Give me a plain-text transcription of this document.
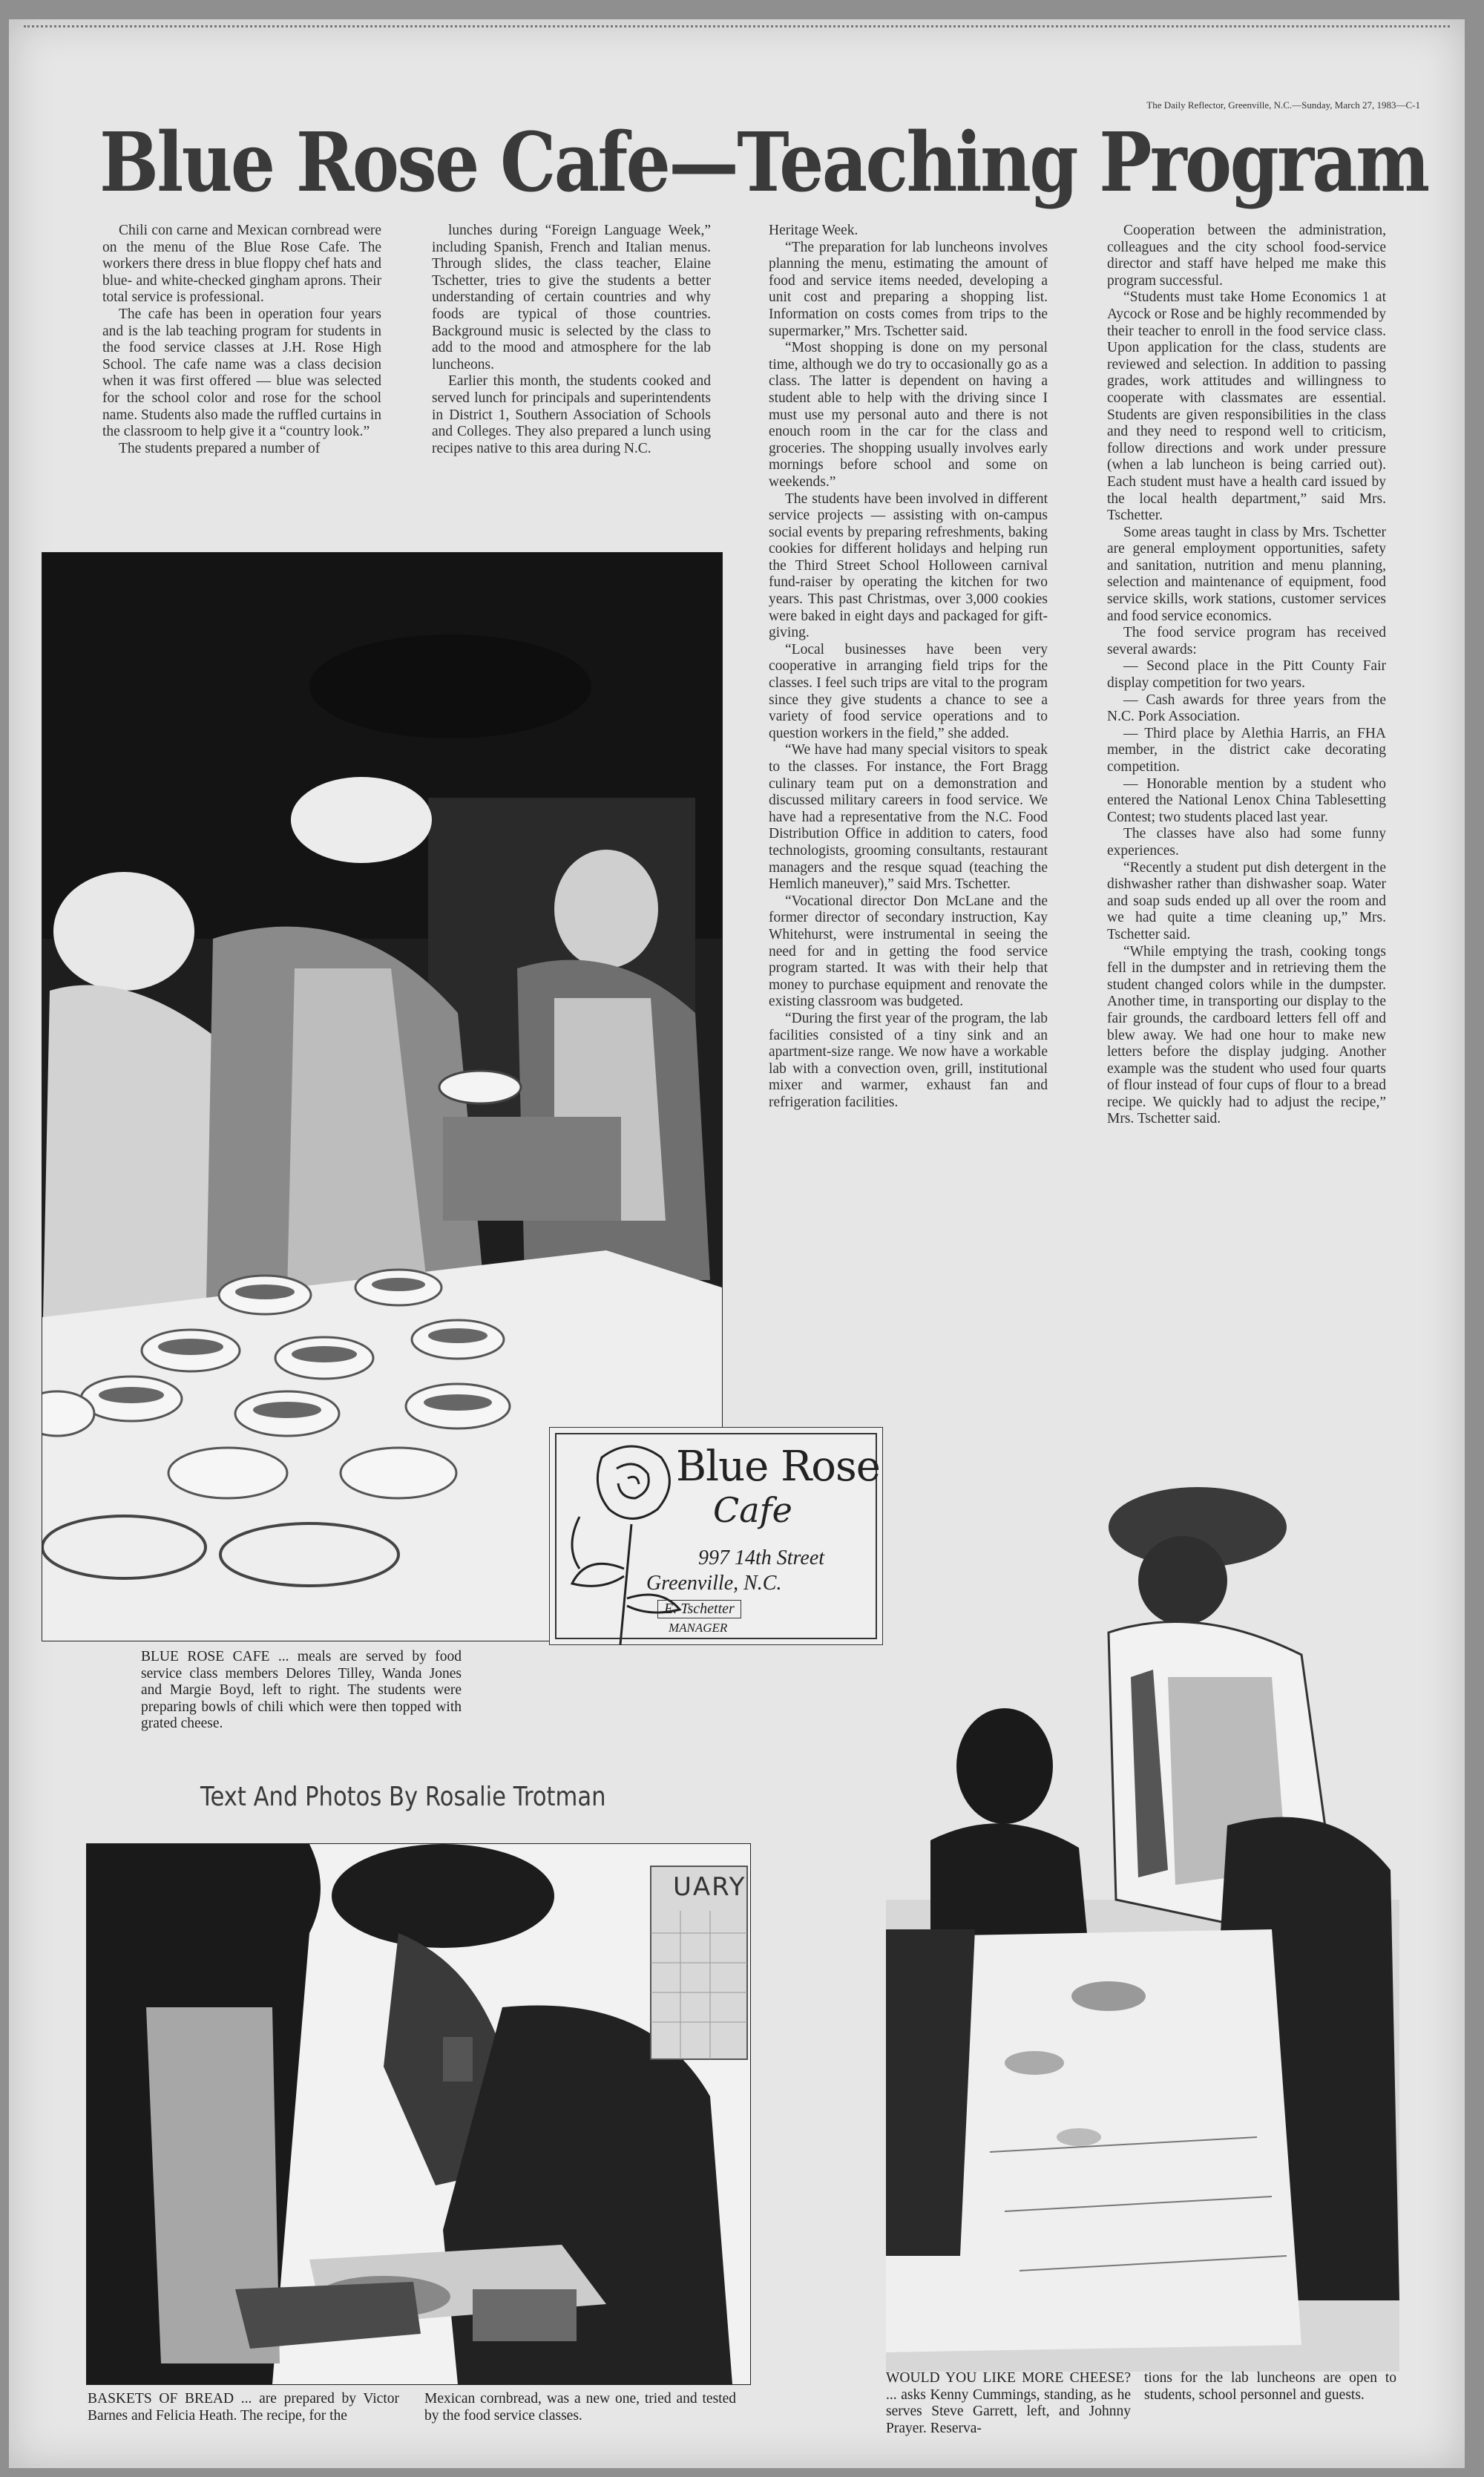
The Daily Reflector, Greenville, N.C.—Sunday, March 27, 1983—C-1
Blue Rose Cafe—Teaching Program

Chili con carne and Mexican cornbread were on the menu of the Blue Rose Cafe. The workers there dress in blue floppy chef hats and blue- and white-checked gingham aprons. Their total service is professional.

The cafe has been in operation four years and is the lab teaching program for students in the food service classes at J.H. Rose High School. The cafe name was a class decision when it was first offered — blue was selected for the school color and rose for the school name. Students also made the ruffled curtains in the classroom to help give it a “country look.”

The students prepared a number of

lunches during “Foreign Language Week,” including Spanish, French and Italian menus. Through slides, the class teacher, Elaine Tschetter, tries to give the students a better understanding of certain countries and why foods are typical of those countries. Background music is selected by the class to add to the mood and atmosphere for the lab luncheons.

Earlier this month, the students cooked and served lunch for principals and superintendents in District 1, Southern Association of Schools and Colleges. They also prepared a lunch using recipes native to this area during N.C.

Heritage Week.

“The preparation for lab luncheons involves planning the menu, estimating the amount of food and service items needed, developing a unit cost and preparing a shopping list. Information on costs comes from trips to the supermarker,” Mrs. Tschetter said.

“Most shopping is done on my personal time, although we do try to occasionally go as a class. The latter is dependent on having a student able to help with the driving since I must use my personal auto and there is not enouch room in the car for the class and groceries. The shopping usually involves early mornings before school and some on weekends.”

The students have been involved in different service projects — assisting with on-campus social events by preparing refreshments, baking cookies for different holidays and helping run the Third Street School Holloween carnival fund-raiser by operating the kitchen for two years. This past Christmas, over 3,000 cookies were baked in eight days and packaged for gift-giving.

“Local businesses have been very cooperative in arranging field trips for the classes. I feel such trips are vital to the program since they give students a chance to see a variety of food service operations and to question workers in the field,” she added.

“We have had many special visitors to speak to the classes. For instance, the Fort Bragg culinary team put on a demonstration and discussed military careers in food service. We have had a representative from the N.C. Food Distribution Office in addition to caters, food technologists, grooming consultants, restaurant managers and the resque squad (teaching the Hemlich maneuver),” said Mrs. Tschetter.

“Vocational director Don McLane and the former director of secondary instruction, Kay Whitehurst, were instrumental in seeing the need for and in getting the food service program started. It was with their help that money to purchase equipment and renovate the existing classroom was budgeted.

“During the first year of the program, the lab facilities consisted of a tiny sink and an apartment-size range. We now have a workable lab with a convection oven, grill, institutional mixer and warmer, exhaust fan and refrigeration facilities.

Cooperation between the administration, colleagues and the city school food-service director and staff have helped me make this program successful.

“Students must take Home Economics 1 at Aycock or Rose and be highly recommended by their teacher to enroll in the food service class. Upon application for the class, students are reviewed and selection. In addition to passing grades, work attitudes and willingness to cooperate with classmates are essential. Students are given responsibilities in the class and they need to respond well to criticism, follow directions and work under pressure (when a lab luncheon is being carried out). Each student must have a health card issued by the local health department,” said Mrs. Tschetter.

Some areas taught in class by Mrs. Tschetter are general employment opportunities, safety and sanitation, nutrition and menu planning, selection and maintenance of equipment, food service skills, work stations, customer services and food service economics.

The food service program has received several awards:

— Second place in the Pitt County Fair display competition for two years.

— Cash awards for three years from the N.C. Pork Association.

— Third place by Alethia Harris, an FHA member, in the district cake decorating competition.

— Honorable mention by a student who entered the National Lenox China Tablesetting Contest; two students placed last year.

The classes have also had some funny experiences.

“Recently a student put dish detergent in the dishwasher rather than dishwasher soap. Water and soap suds ended up all over the room and we had quite a time cleaning up,” Mrs. Tschetter said.

“While emptying the trash, cooking tongs fell in the dumpster and in retrieving them the student changed colors while in the dumpster. Another time, in transporting our display to the fair grounds, the cardboard letters fell off and blew away. We had one hour to make new letters before the display judging. Another example was the student who used four quarts of flour instead of four cups of flour to a bread recipe. We quickly had to adjust the recipe,” Mrs. Tschetter said.

Blue Rose
Cafe
997 14th Street
Greenville, N.C.
E. Tschetter
MANAGER
BLUE ROSE CAFE ... meals are served by food service class members Delores Tilley, Wanda Jones and Margie Boyd, left to right. The students were preparing bowls of chili which were then topped with grated cheese.
Text And Photos By Rosalie Trotman
UARY
BASKETS OF BREAD ... are prepared by Victor Barnes and Felicia Heath. The recipe, for the
Mexican cornbread, was a new one, tried and tested by the food service classes.
WOULD YOU LIKE MORE CHEESE? ... asks Kenny Cummings, standing, as he serves Steve Garrett, left, and Johnny Prayer. Reserva-
tions for the lab luncheons are open to students, school personnel and guests.
